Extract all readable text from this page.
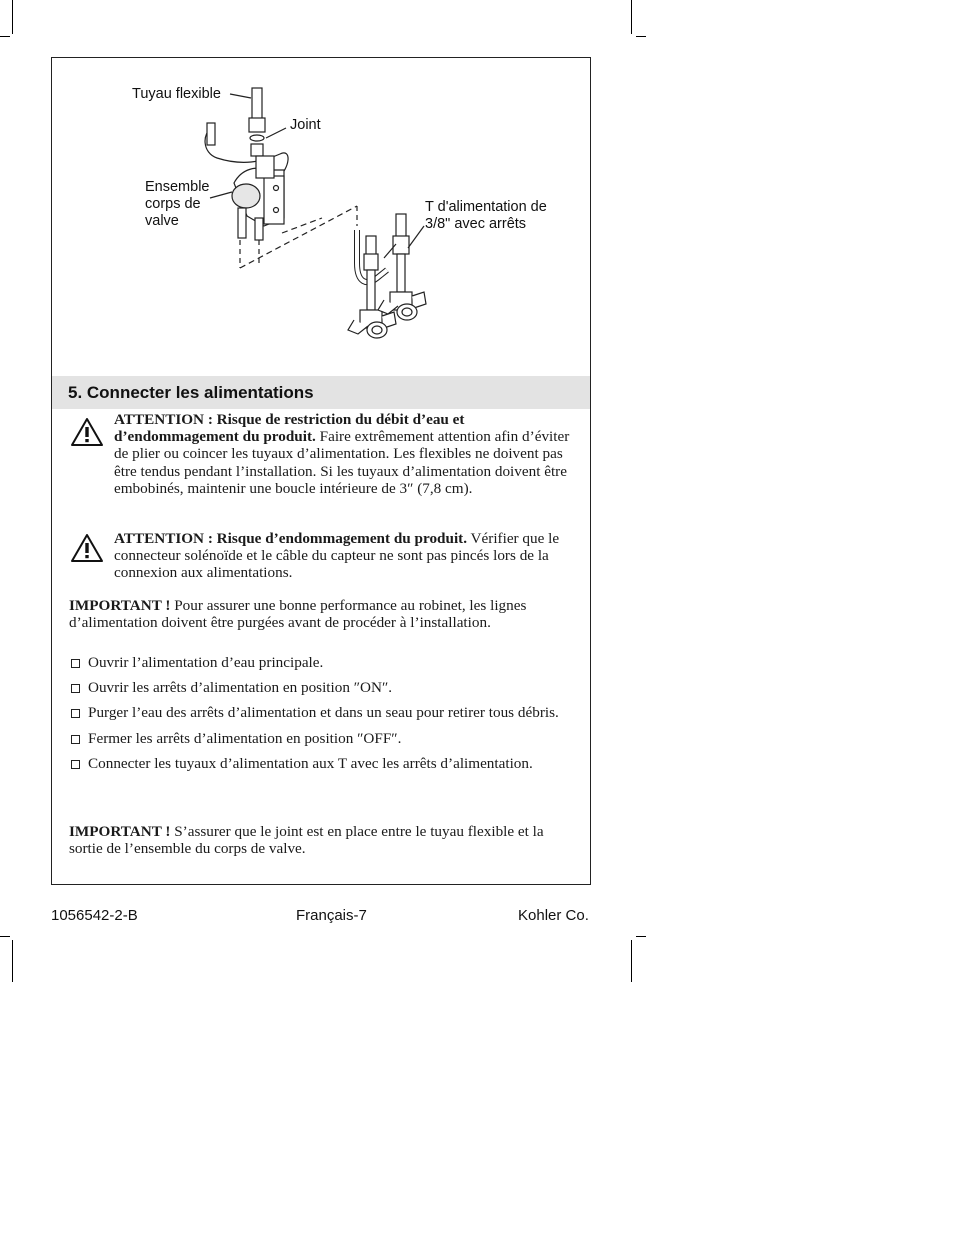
Tuyau flexible
Joint
Ensemble
corps de
valve
T d'alimentation de
3/8" avec arrêts
5. Connecter les alimentations

ATTENTION : Risque de restriction du débit d’eau et d’endommagement du produit. Faire extrêmement attention afin d’éviter de plier ou coincer les tuyaux d’alimentation. Les flexibles ne doivent pas être tendus pendant l’installation. Si les tuyaux d’alimentation doivent être embobinés, maintenir une boucle intérieure de 3″ (7,8 cm).

ATTENTION : Risque d’endommagement du produit. Vérifier que le connecteur solénoïde et le câble du capteur ne sont pas pincés lors de la connexion aux alimentations.

IMPORTANT ! Pour assurer une bonne performance au robinet, les lignes d’alimentation doivent être purgées avant de procéder à l’installation.

Ouvrir l’alimentation d’eau principale.
Ouvrir les arrêts d’alimentation en position ″ON″.
Purger l’eau des arrêts d’alimentation et dans un seau pour retirer tous débris.
Fermer les arrêts d’alimentation en position ″OFF″.
Connecter les tuyaux d’alimentation aux T avec les arrêts d’alimentation.

IMPORTANT ! S’assurer que le joint est en place entre le tuyau flexible et la sortie de l’ensemble du corps de valve.

1056542-2-B	Français-7	Kohler Co.
